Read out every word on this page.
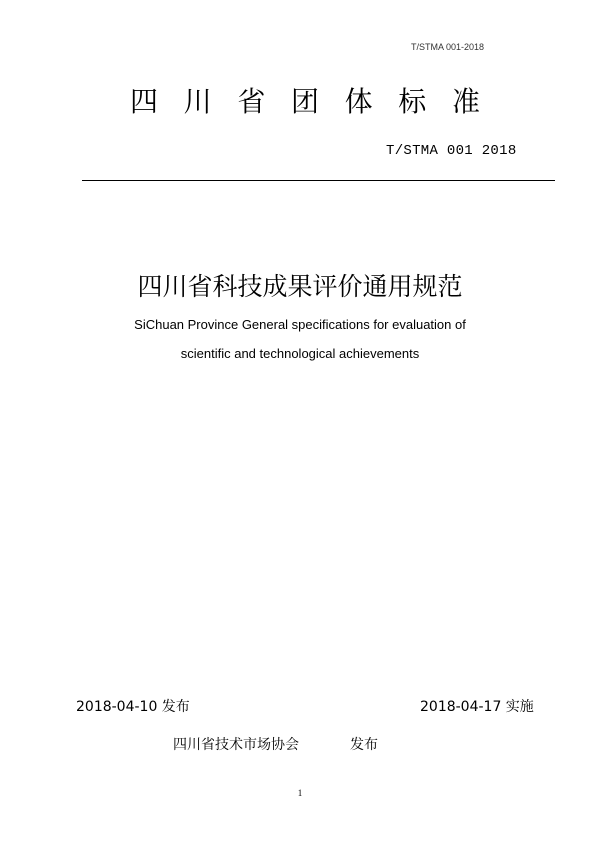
T/STMA 001-2018
四 川 省 团 体 标 准
T/STMA 001 2018
四川省科技成果评价通用规范
SiChuan Province General specifications for evaluation of
scientific and technological achievements
2018-04-10 发布	2018-04-17 实施
四川省技术市场协会	发布
1
